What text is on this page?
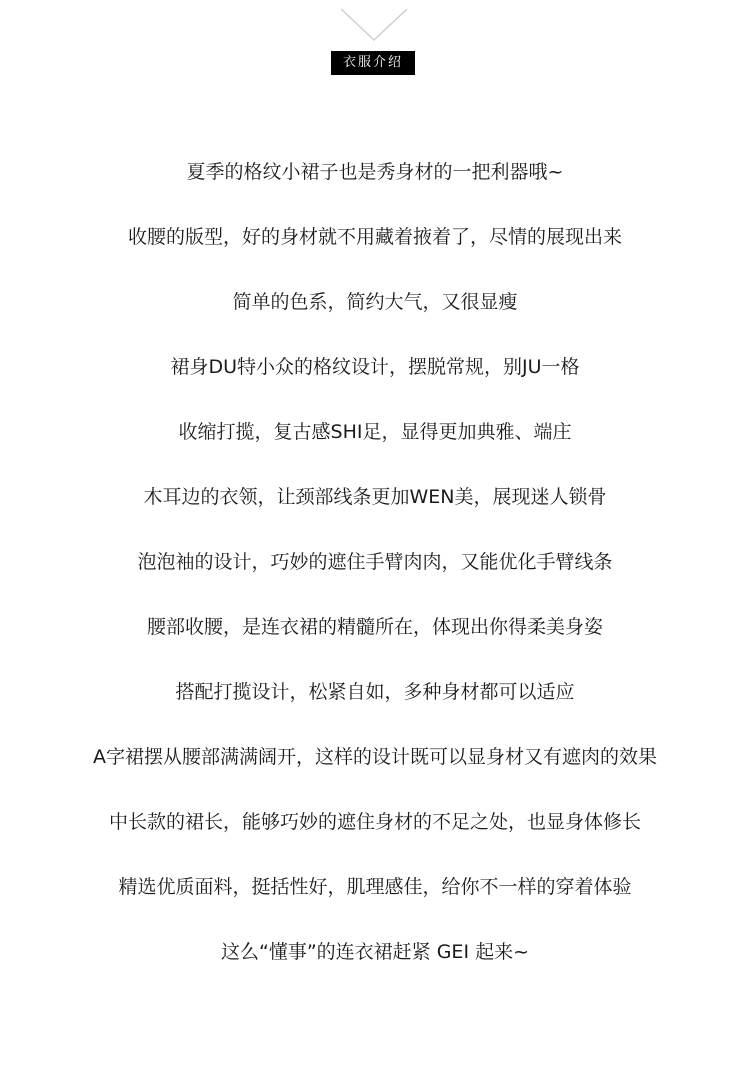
衣服介绍
夏季的格纹小裙子也是秀身材的一把利器哦~
收腰的版型，好的身材就不用藏着掖着了，尽情的展现出来
简单的色系，简约大气，又很显瘦
裙身DU特小众的格纹设计，摆脱常规，别JU一格
收缩打揽，复古感SHI足，显得更加典雅、端庄
木耳边的衣领，让颈部线条更加WEN美，展现迷人锁骨
泡泡袖的设计，巧妙的遮住手臂肉肉，又能优化手臂线条
腰部收腰，是连衣裙的精髓所在，体现出你得柔美身姿
搭配打揽设计，松紧自如，多种身材都可以适应
A字裙摆从腰部满满阔开，这样的设计既可以显身材又有遮肉的效果
中长款的裙长，能够巧妙的遮住身材的不足之处，也显身体修长
精选优质面料，挺括性好，肌理感佳，给你不一样的穿着体验
这么“懂事”的连衣裙赶紧 GEI 起来~
